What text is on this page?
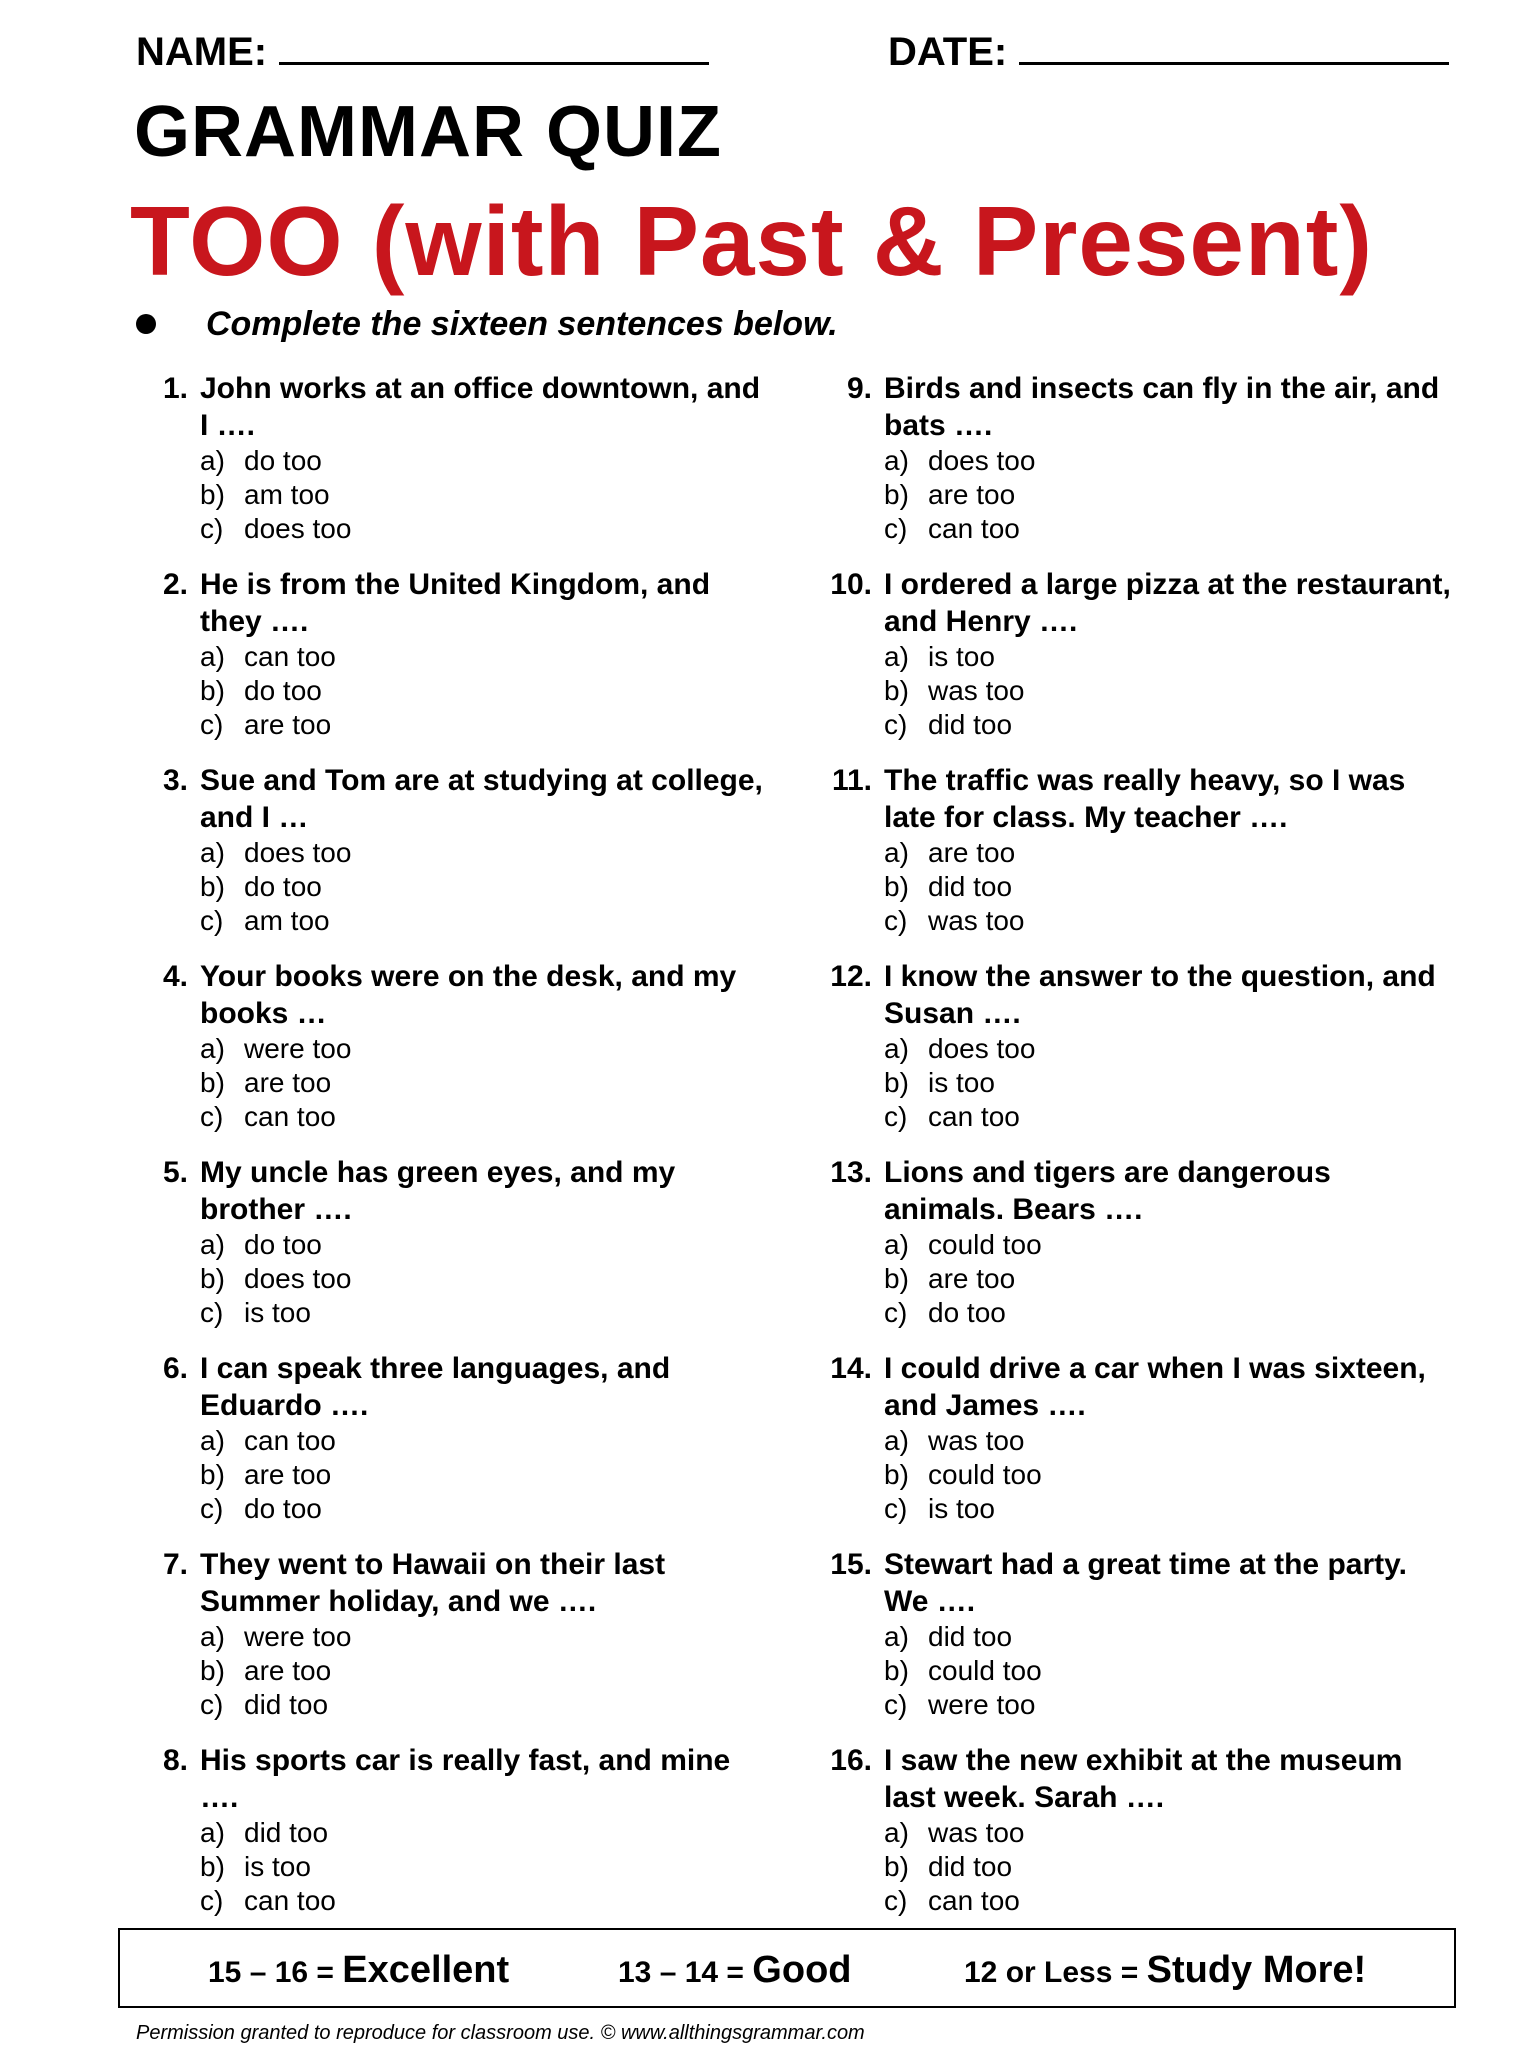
NAME:	DATE:
GRAMMAR QUIZ
TOO (with Past & Present)
Complete the sixteen sentences below.
1. John works at an office downtown, and I ….
a) do too
b) am too
c) does too
2. He is from the United Kingdom, and they ….
a) can too
b) do too
c) are too
3. Sue and Tom are at studying at college, and I …
a) does too
b) do too
c) am too
4. Your books were on the desk, and my books …
a) were too
b) are too
c) can too
5. My uncle has green eyes, and my brother ….
a) do too
b) does too
c) is too
6. I can speak three languages, and Eduardo ….
a) can too
b) are too
c) do too
7. They went to Hawaii on their last Summer holiday, and we ….
a) were too
b) are too
c) did too
8. His sports car is really fast, and mine ….
a) did too
b) is too
c) can too
9. Birds and insects can fly in the air, and bats ….
a) does too
b) are too
c) can too
10. I ordered a large pizza at the restaurant, and Henry ….
a) is too
b) was too
c) did too
11. The traffic was really heavy, so I was late for class. My teacher ….
a) are too
b) did too
c) was too
12. I know the answer to the question, and Susan ….
a) does too
b) is too
c) can too
13. Lions and tigers are dangerous animals. Bears ….
a) could too
b) are too
c) do too
14. I could drive a car when I was sixteen, and James ….
a) was too
b) could too
c) is too
15. Stewart had a great time at the party. We ….
a) did too
b) could too
c) were too
16. I saw the new exhibit at the museum last week. Sarah ….
a) was too
b) did too
c) can too
15 – 16 = Excellent	13 – 14 = Good	12 or Less = Study More!
Permission granted to reproduce for classroom use. © www.allthingsgrammar.com
